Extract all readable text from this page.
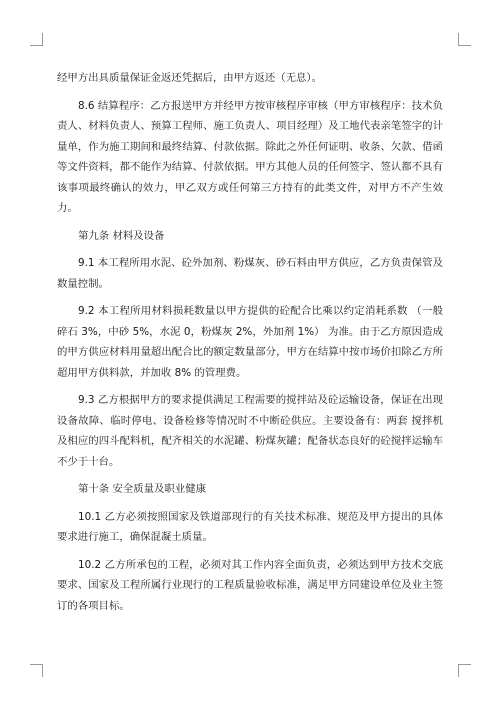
经甲方出具质量保证金返还凭据后，由甲方返还（无息）。

8.6 结算程序：乙方报送甲方并经甲方按审核程序审核（甲方审核程序：技术负责人、材料负责人、预算工程师、施工负责人、项目经理）及工地代表亲笔签字的计量单，作为施工期间和最终结算、付款依据。除此之外任何证明、收条、欠款、借函等文件资料，都不能作为结算、付款依据。甲方其他人员的任何签字、签认都不具有该事项最终确认的效力，甲乙双方或任何第三方持有的此类文件，对甲方不产生效力。

第九条 材料及设备

9.1 本工程所用水泥、砼外加剂、粉煤灰、砂石料由甲方供应，乙方负责保管及数量控制。

9.2 本工程所用材料损耗数量以甲方提供的砼配合比乘以约定消耗系数 （一般碎石 3%，中砂 5%，水泥 0，粉煤灰 2%，外加剂 1%） 为准。由于乙方原因造成的甲方供应材料用量超出配合比的额定数量部分，甲方在结算中按市场价扣除乙方所超用甲方供料款，并加收 8% 的管理费。

9.3 乙方根据甲方的要求提供满足工程需要的搅拌站及砼运输设备，保证在出现设备故障、临时停电、设备检修等情况时不中断砼供应。主要设备有：两套 搅拌机及相应的四斗配料机，配齐相关的水泥罐、粉煤灰罐；配备状态良好的砼搅拌运输车不少于十台。

第十条 安全质量及职业健康

10.1 乙方必须按照国家及铁道部现行的有关技术标准、规范及甲方提出的具体要求进行施工，确保混凝土质量。

10.2 乙方所承包的工程，必须对其工作内容全面负责，必须达到甲方技术交底要求、国家及工程所属行业现行的工程质量验收标准，满足甲方同建设单位及业主签订的各项目标。
